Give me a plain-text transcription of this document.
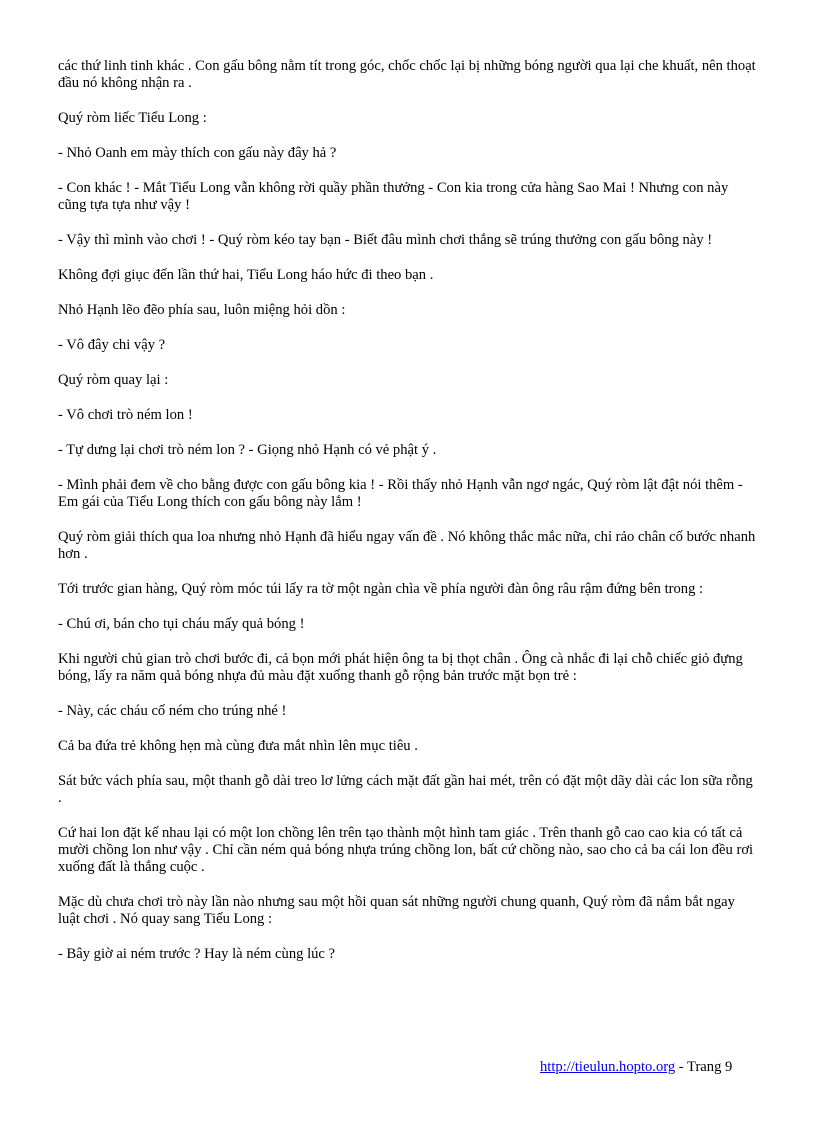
các thứ linh tinh khác . Con gấu bông nằm tít trong góc, chốc chốc lại bị những bóng người qua lại che khuất, nên thoạt đầu nó không nhận ra .

Quý ròm liếc Tiểu Long :

- Nhỏ Oanh em mày thích con gấu này đây hả ?

- Con khác ! - Mắt Tiểu Long vẫn không rời quầy phần thưởng - Con kia trong cửa hàng Sao Mai ! Nhưng con này cũng tựa tựa như vậy !

- Vậy thì mình vào chơi ! - Quý ròm kéo tay bạn - Biết đâu mình chơi thắng sẽ trúng thưởng con gấu bông này !

Không đợi giục đến lần thứ hai, Tiểu Long háo hức đi theo bạn .

Nhỏ Hạnh lẽo đẽo phía sau, luôn miệng hỏi dồn :

- Vô đây chi vậy ?

Quý ròm quay lại :

- Vô chơi trò ném lon !

- Tự dưng lại chơi trò ném lon ? - Giọng nhỏ Hạnh có vẻ phật ý .

- Mình phải đem về cho bằng được con gấu bông kia ! - Rồi thấy nhỏ Hạnh vẫn ngơ ngác, Quý ròm lật đật nói thêm - Em gái của Tiểu Long thích con gấu bông này lắm !

Quý ròm giải thích qua loa nhưng nhỏ Hạnh đã hiểu ngay vấn đề . Nó không thắc mắc nữa, chỉ rảo chân cố bước nhanh hơn .

Tới trước gian hàng, Quý ròm móc túi lấy ra tờ một ngàn chìa về phía người đàn ông râu rậm đứng bên trong :

- Chú ơi, bán cho tụi cháu mấy quả bóng !

Khi người chủ gian trò chơi bước đi, cả bọn mới phát hiện ông ta bị thọt chân . Ông cà nhắc đi lại chỗ chiếc giỏ đựng bóng, lấy ra năm quả bóng nhựa đủ màu đặt xuống thanh gỗ rộng bản trước mặt bọn trẻ :

- Này, các cháu cố ném cho trúng nhé !

Cả ba đứa trẻ không hẹn mà cùng đưa mắt nhìn lên mục tiêu .

Sát bức vách phía sau, một thanh gỗ dài treo lơ lửng cách mặt đất gần hai mét, trên có đặt một dãy dài các lon sữa rỗng .

Cứ hai lon đặt kế nhau lại có một lon chồng lên trên tạo thành một hình tam giác . Trên thanh gỗ cao cao kia có tất cả mười chồng lon như vậy . Chỉ cần ném quả bóng nhựa trúng chồng lon, bất cứ chồng nào, sao cho cả ba cái lon đều rơi xuống đất là thắng cuộc .

Mặc dù chưa chơi trò này lần nào nhưng sau một hồi quan sát những người chung quanh, Quý ròm đã nắm bắt ngay luật chơi . Nó quay sang Tiểu Long :

- Bây giờ ai ném trước ? Hay là ném cùng lúc ?

http://tieulun.hopto.org - Trang 9
